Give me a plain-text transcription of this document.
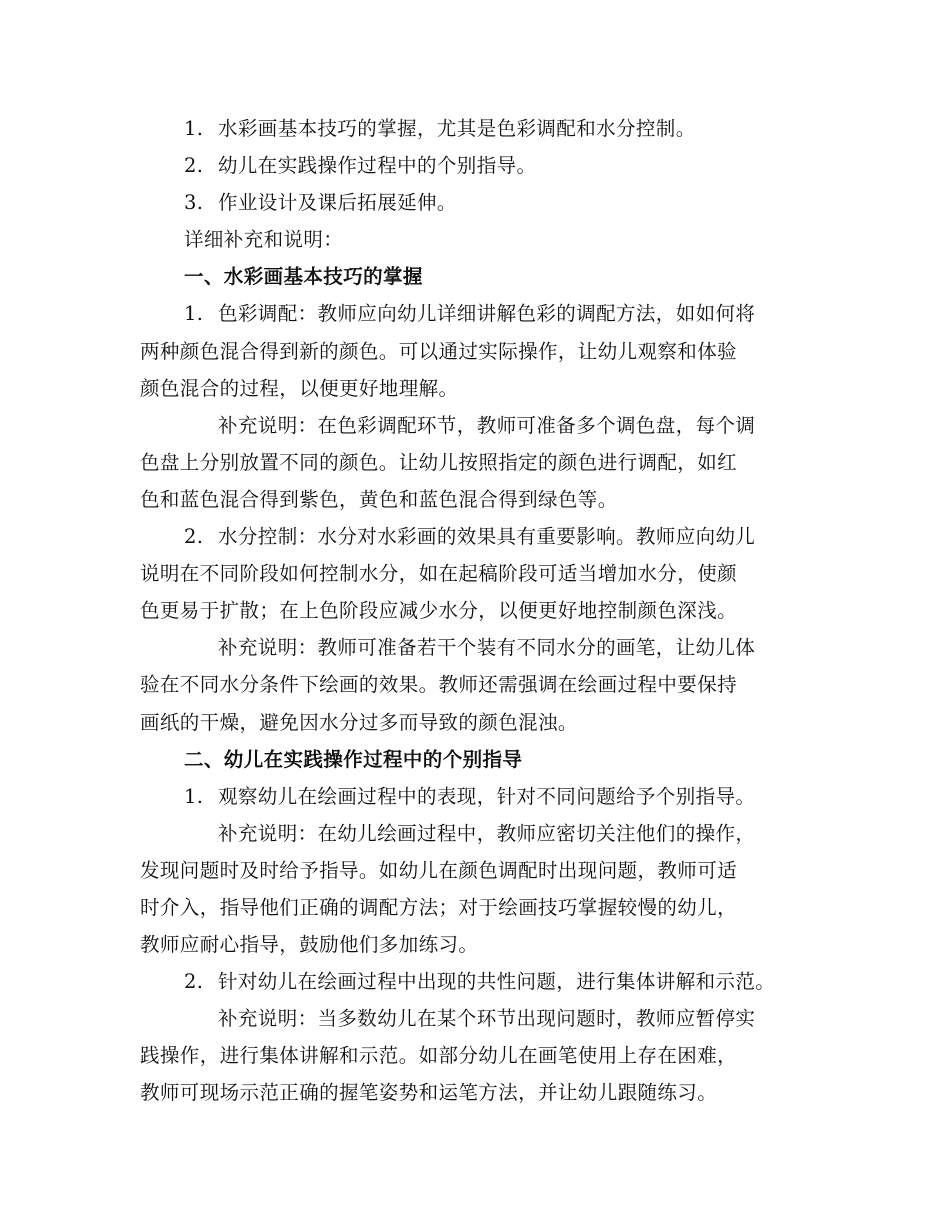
1. 水彩画基本技巧的掌握，尤其是色彩调配和水分控制。
2. 幼儿在实践操作过程中的个别指导。
3. 作业设计及课后拓展延伸。
详细补充和说明：
一、水彩画基本技巧的掌握
1. 色彩调配：教师应向幼儿详细讲解色彩的调配方法，如如何将
两种颜色混合得到新的颜色。可以通过实际操作，让幼儿观察和体验
颜色混合的过程，以便更好地理解。
补充说明：在色彩调配环节，教师可准备多个调色盘，每个调
色盘上分别放置不同的颜色。让幼儿按照指定的颜色进行调配，如红
色和蓝色混合得到紫色，黄色和蓝色混合得到绿色等。
2. 水分控制：水分对水彩画的效果具有重要影响。教师应向幼儿
说明在不同阶段如何控制水分，如在起稿阶段可适当增加水分，使颜
色更易于扩散；在上色阶段应减少水分，以便更好地控制颜色深浅。
补充说明：教师可准备若干个装有不同水分的画笔，让幼儿体
验在不同水分条件下绘画的效果。教师还需强调在绘画过程中要保持
画纸的干燥，避免因水分过多而导致的颜色混浊。
二、幼儿在实践操作过程中的个别指导
1. 观察幼儿在绘画过程中的表现，针对不同问题给予个别指导。
补充说明：在幼儿绘画过程中，教师应密切关注他们的操作，
发现问题时及时给予指导。如幼儿在颜色调配时出现问题，教师可适
时介入，指导他们正确的调配方法；对于绘画技巧掌握较慢的幼儿，
教师应耐心指导，鼓励他们多加练习。
2. 针对幼儿在绘画过程中出现的共性问题，进行集体讲解和示范。
补充说明：当多数幼儿在某个环节出现问题时，教师应暂停实
践操作，进行集体讲解和示范。如部分幼儿在画笔使用上存在困难，
教师可现场示范正确的握笔姿势和运笔方法，并让幼儿跟随练习。
